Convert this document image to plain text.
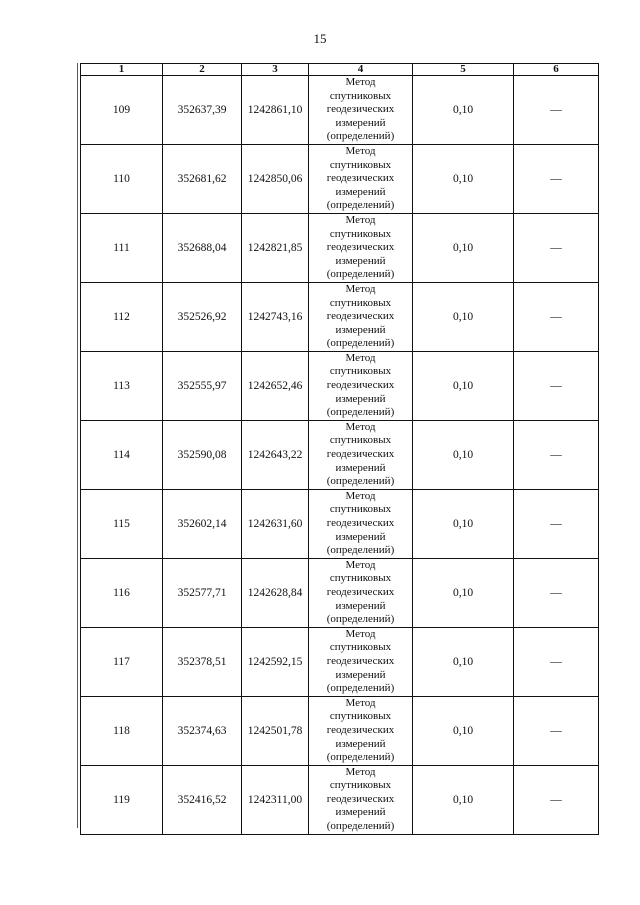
15
1	2	3	4	5	6
109	352637,39	1242861,10	Метод
спутниковых
геодезических
измерений
(определений)	0,10	—
110	352681,62	1242850,06	Метод
спутниковых
геодезических
измерений
(определений)	0,10	—
111	352688,04	1242821,85	Метод
спутниковых
геодезических
измерений
(определений)	0,10	—
112	352526,92	1242743,16	Метод
спутниковых
геодезических
измерений
(определений)	0,10	—
113	352555,97	1242652,46	Метод
спутниковых
геодезических
измерений
(определений)	0,10	—
114	352590,08	1242643,22	Метод
спутниковых
геодезических
измерений
(определений)	0,10	—
115	352602,14	1242631,60	Метод
спутниковых
геодезических
измерений
(определений)	0,10	—
116	352577,71	1242628,84	Метод
спутниковых
геодезических
измерений
(определений)	0,10	—
117	352378,51	1242592,15	Метод
спутниковых
геодезических
измерений
(определений)	0,10	—
118	352374,63	1242501,78	Метод
спутниковых
геодезических
измерений
(определений)	0,10	—
119	352416,52	1242311,00	Метод
спутниковых
геодезических
измерений
(определений)	0,10	—
